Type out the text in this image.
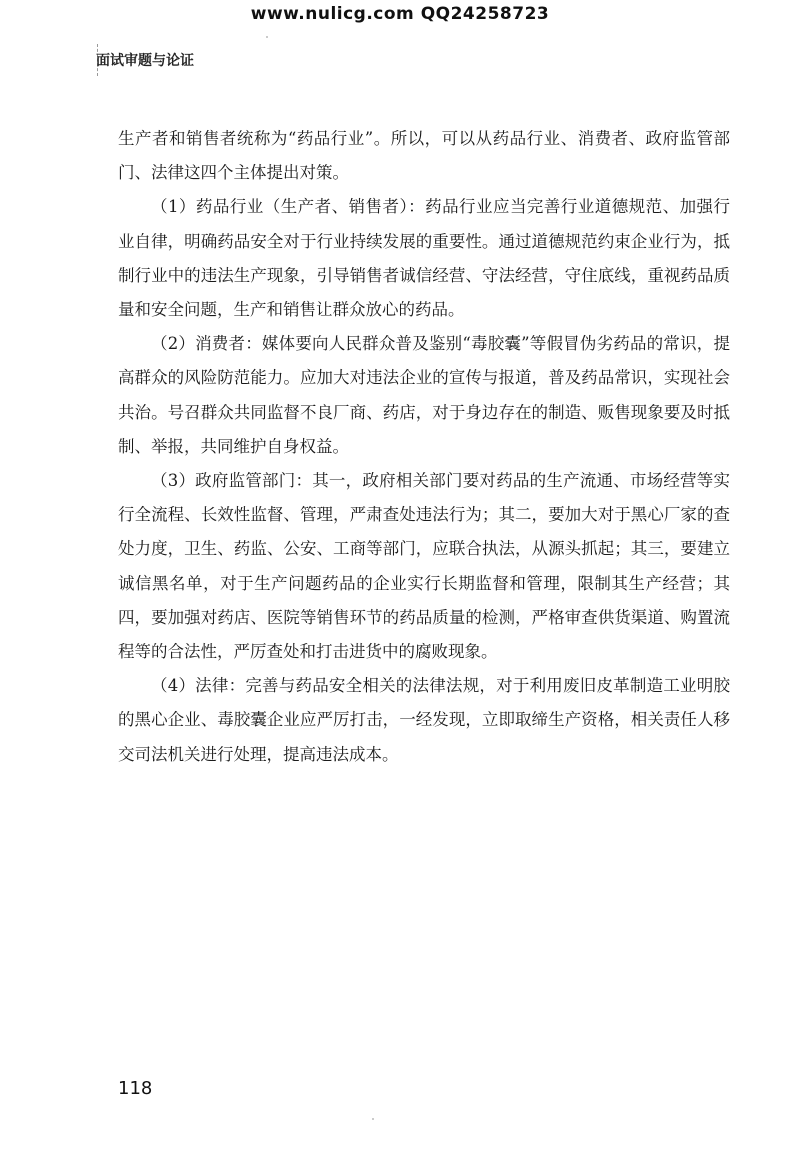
www.nulicg.com QQ24258723
面试审题与论证

生产者和销售者统称为“药品行业”。所以，可以从药品行业、消费者、政府监管部门、法律这四个主体提出对策。

（1）药品行业（生产者、销售者）：药品行业应当完善行业道德规范、加强行业自律，明确药品安全对于行业持续发展的重要性。通过道德规范约束企业行为，抵制行业中的违法生产现象，引导销售者诚信经营、守法经营，守住底线，重视药品质量和安全问题，生产和销售让群众放心的药品。

（2）消费者：媒体要向人民群众普及鉴别“毒胶囊”等假冒伪劣药品的常识，提高群众的风险防范能力。应加大对违法企业的宣传与报道，普及药品常识，实现社会共治。号召群众共同监督不良厂商、药店，对于身边存在的制造、贩售现象要及时抵制、举报，共同维护自身权益。

（3）政府监管部门：其一，政府相关部门要对药品的生产流通、市场经营等实行全流程、长效性监督、管理，严肃查处违法行为；其二，要加大对于黑心厂家的查处力度，卫生、药监、公安、工商等部门，应联合执法，从源头抓起；其三，要建立诚信黑名单，对于生产问题药品的企业实行长期监督和管理，限制其生产经营；其四，要加强对药店、医院等销售环节的药品质量的检测，严格审查供货渠道、购置流程等的合法性，严厉查处和打击进货中的腐败现象。

（4）法律：完善与药品安全相关的法律法规，对于利用废旧皮革制造工业明胶的黑心企业、毒胶囊企业应严厉打击，一经发现，立即取缔生产资格，相关责任人移交司法机关进行处理，提高违法成本。

118
